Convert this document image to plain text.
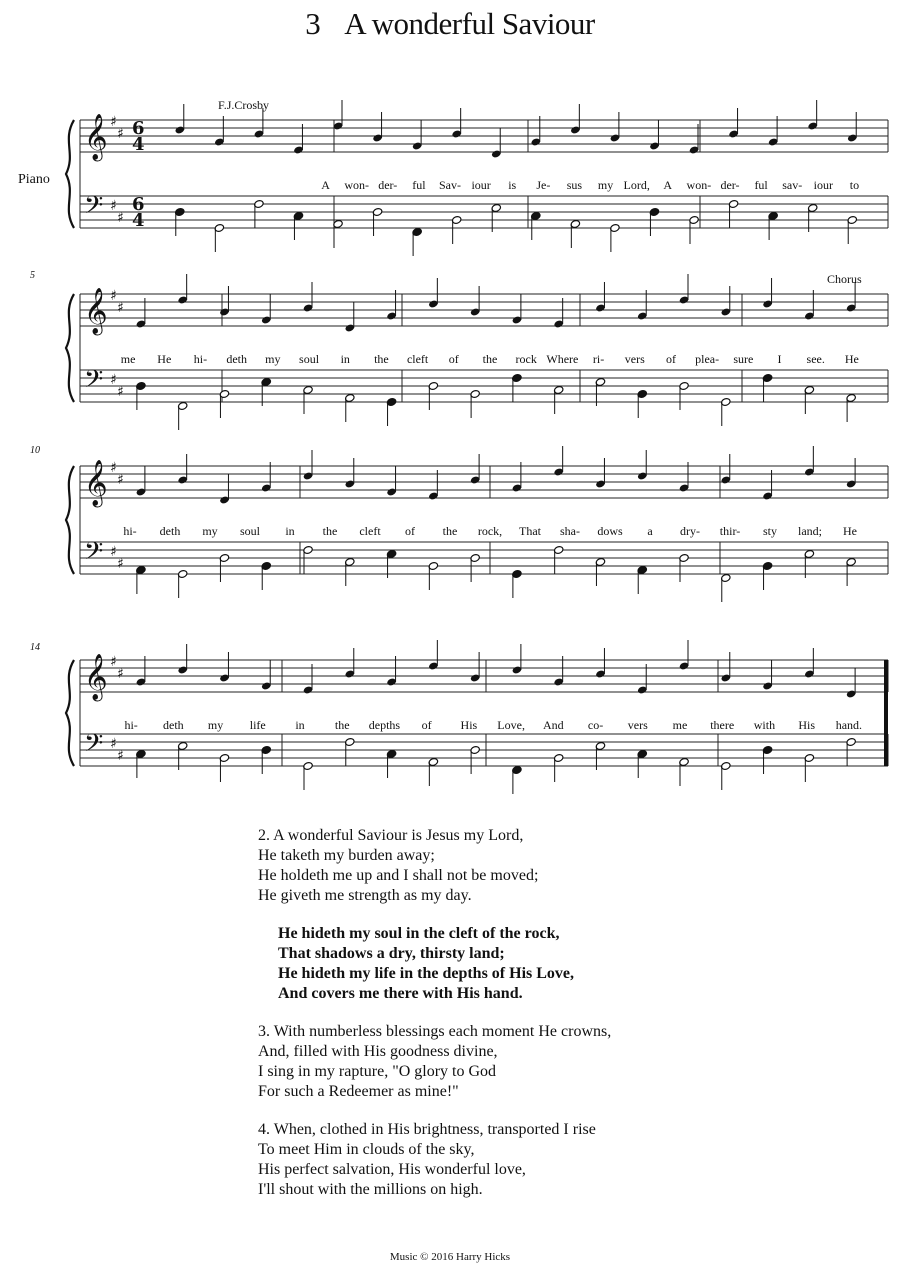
3 A wonderful Saviour
F.J.Crosby
Piano
Chorus
5
10
14
𝄞
𝄢
♯
♯
♯
♯
6
6
4
4
𝄞
𝄢
♯
♯
♯
♯
𝄞
𝄢
♯
♯
♯
♯
𝄞
𝄢
♯
♯
♯
♯
A won- der- ful Sav- iour is Je- sus my Lord, A won- der- ful sav- iour to
me He hi- deth my soul in the cleft of the rock Where ri- vers of plea- sure I see. He
hi- deth my soul in the cleft of the rock, That sha- dows a dry- thir- sty land; He
hi- deth my life in	the depths of His Love, And co- vers me there with His hand.
2. A wonderful Saviour is Jesus my Lord,
He taketh my burden away;
He holdeth me up and I shall not be moved;
He giveth me strength as my day.
He hideth my soul in the cleft of the rock,
That shadows a dry, thirsty land;
He hideth my life in the depths of His Love,
And covers me there with His hand.
3. With numberless blessings each moment He crowns,
And, filled with His goodness divine,
I sing in my rapture, "O glory to God
For such a Redeemer as mine!"
4. When, clothed in His brightness, transported I rise
To meet Him in clouds of the sky,
His perfect salvation, His wonderful love,
I'll shout with the millions on high.
Music © 2016 Harry Hicks
